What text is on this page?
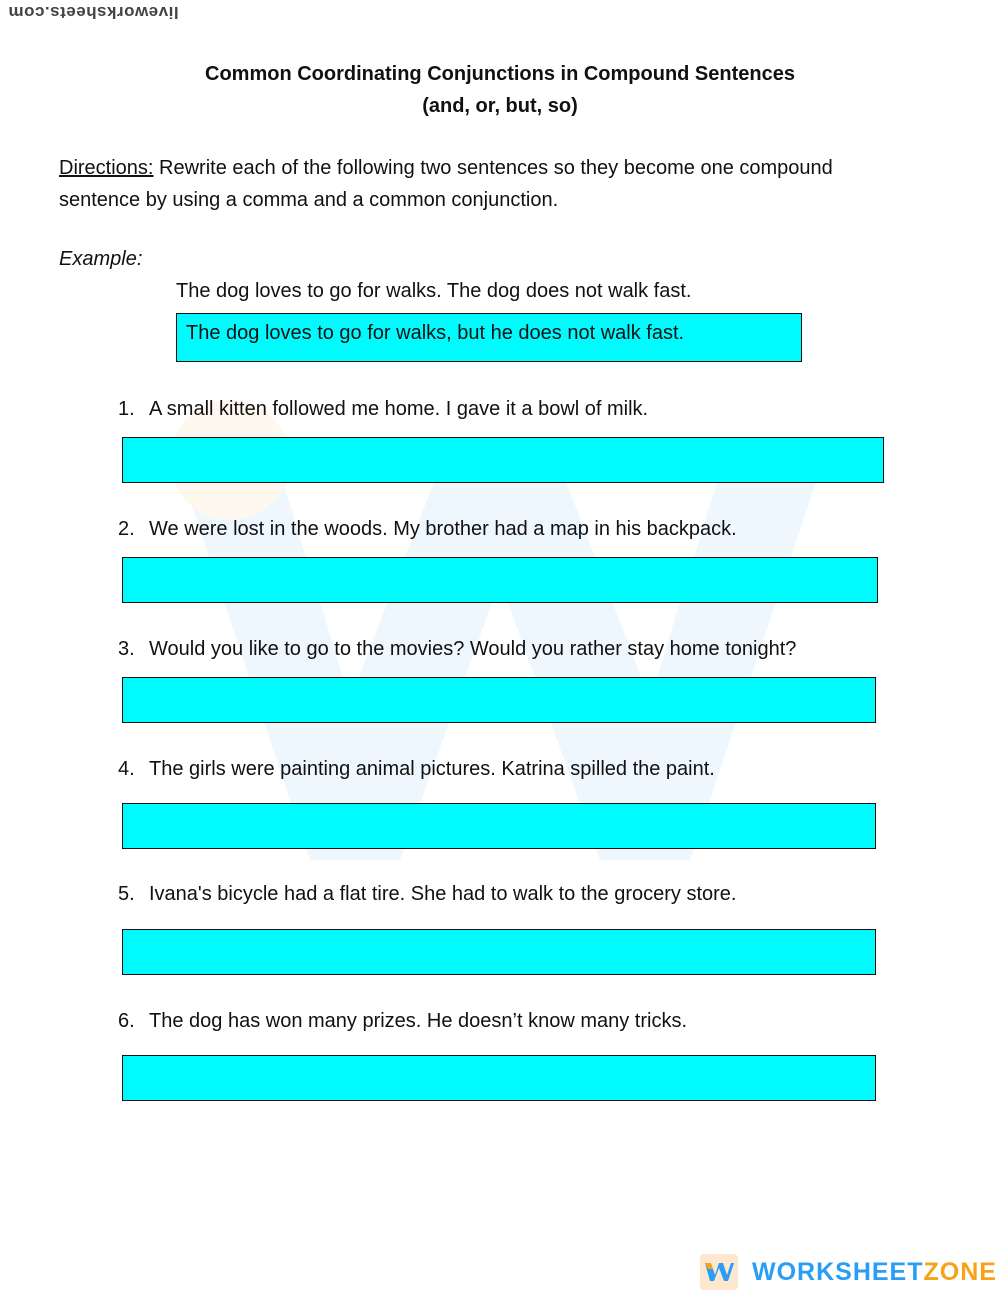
liveworksheets.com
Common Coordinating Conjunctions in Compound Sentences
(and, or, but, so)
Directions: Rewrite each of the following two sentences so they become one compound sentence by using a comma and a common conjunction.
Example:
The dog loves to go for walks. The dog does not walk fast.
The dog loves to go for walks, but he does not walk fast.
1. A small kitten followed me home. I gave it a bowl of milk.
2. We were lost in the woods. My brother had a map in his backpack.
3. Would you like to go to the movies? Would you rather stay home tonight?
4. The girls were painting animal pictures. Katrina spilled the paint.
5. Ivana's bicycle had a flat tire. She had to walk to the grocery store.
6. The dog has won many prizes. He doesn’t know many tricks.
WORKSHEETZONE
